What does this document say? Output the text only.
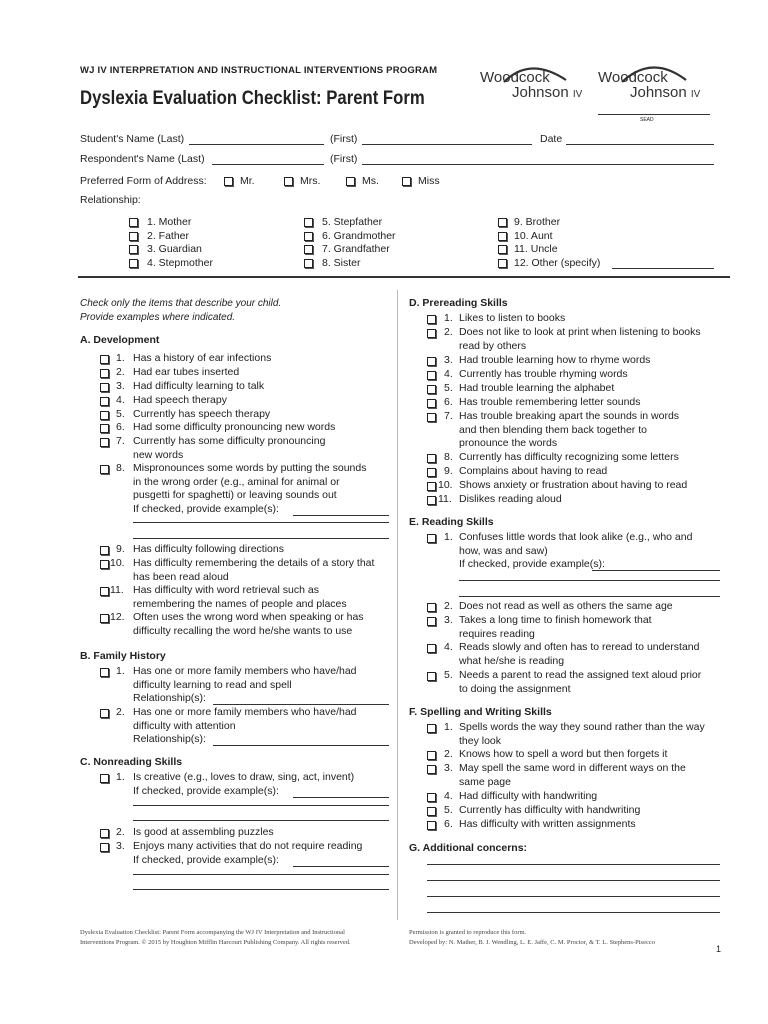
WJ IV INTERPRETATION AND INSTRUCTIONAL INTERVENTIONS PROGRAM
Dyslexia Evaluation Checklist: Parent Form
Woodcock
Johnson IV
Woodcock
Johnson IV
SEAD
Student's Name (Last)	(First)	Date
Respondent's Name (Last)	(First)
Preferred Form of Address:	Mr.	Mrs.	Ms.	Miss
Relationship:
1. Mother
2. Father
3. Guardian
4. Stepmother
5. Stepfather
6. Grandmother
7. Grandfather
8. Sister
9. Brother
10. Aunt
11. Uncle
12. Other (specify)
Check only the items that describe your child.
Provide examples where indicated.
A. Development
1. Has a history of ear infections
2. Had ear tubes inserted
3. Had difficulty learning to talk
4. Had speech therapy
5. Currently has speech therapy
6. Had some difficulty pronouncing new words
7. Currently has some difficulty pronouncing
new words
8. Mispronounces some words by putting the sounds
in the wrong order (e.g., aminal for animal or
pusgetti for spaghetti) or leaving sounds out
If checked, provide example(s):
9. Has difficulty following directions
10. Has difficulty remembering the details of a story that
has been read aloud
11. Has difficulty with word retrieval such as
remembering the names of people and places
12. Often uses the wrong word when speaking or has
difficulty recalling the word he/she wants to use
B. Family History
1. Has one or more family members who have/had
difficulty learning to read and spell
Relationship(s):
2. Has one or more family members who have/had
difficulty with attention
Relationship(s):
C. Nonreading Skills
1. Is creative (e.g., loves to draw, sing, act, invent)
If checked, provide example(s):
2. Is good at assembling puzzles
3. Enjoys many activities that do not require reading
If checked, provide example(s):
D. Prereading Skills
1. Likes to listen to books
2. Does not like to look at print when listening to books
read by others
3. Had trouble learning how to rhyme words
4. Currently has trouble rhyming words
5. Had trouble learning the alphabet
6. Has trouble remembering letter sounds
7. Has trouble breaking apart the sounds in words
and then blending them back together to
pronounce the words
8. Currently has difficulty recognizing some letters
9. Complains about having to read
10. Shows anxiety or frustration about having to read
11. Dislikes reading aloud
E. Reading Skills
1. Confuses little words that look alike (e.g., who and
how, was and saw)
If checked, provide example(s):
2. Does not read as well as others the same age
3. Takes a long time to finish homework that
requires reading
4. Reads slowly and often has to reread to understand
what he/she is reading
5. Needs a parent to read the assigned text aloud prior
to doing the assignment
F. Spelling and Writing Skills
1. Spells words the way they sound rather than the way
they look
2. Knows how to spell a word but then forgets it
3. May spell the same word in different ways on the
same page
4. Had difficulty with handwriting
5. Currently has difficulty with handwriting
6. Has difficulty with written assignments
G. Additional concerns:
Dyslexia Evaluation Checklist: Parent Form accompanying the WJ IV Interpretation and Instructional
Interventions Program. © 2015 by Houghton Mifflin Harcourt Publishing Company. All rights reserved.
Permission is granted to reproduce this form.
Developed by: N. Mather, B. J. Wendling, L. E. Jaffe, C. M. Proctor, & T. L. Stephens-Pisecco
1
